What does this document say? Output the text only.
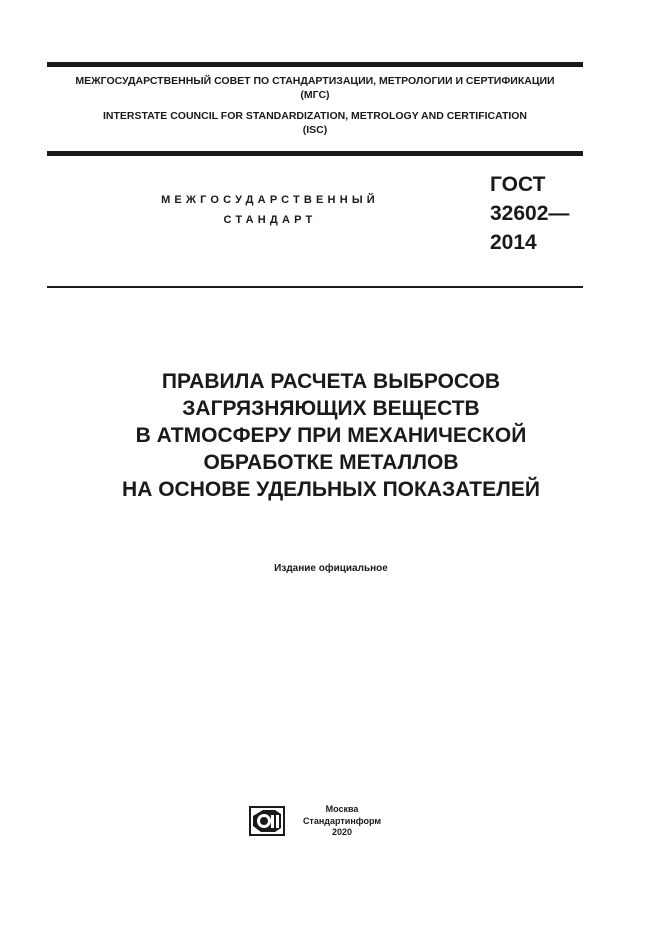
МЕЖГОСУДАРСТВЕННЫЙ СОВЕТ ПО СТАНДАРТИЗАЦИИ, МЕТРОЛОГИИ И СЕРТИФИКАЦИИ
(МГС)
INTERSTATE COUNCIL FOR STANDARDIZATION, METROLOGY AND CERTIFICATION
(ISC)
МЕЖГОСУДАРСТВЕННЫЙ
СТАНДАРТ
ГОСТ
32602—
2014
ПРАВИЛА РАСЧЕТА ВЫБРОСОВ
ЗАГРЯЗНЯЮЩИХ ВЕЩЕСТВ
В АТМОСФЕРУ ПРИ МЕХАНИЧЕСКОЙ
ОБРАБОТКЕ МЕТАЛЛОВ
НА ОСНОВЕ УДЕЛЬНЫХ ПОКАЗАТЕЛЕЙ
Издание официальное
Москва
Стандартинформ
2020
